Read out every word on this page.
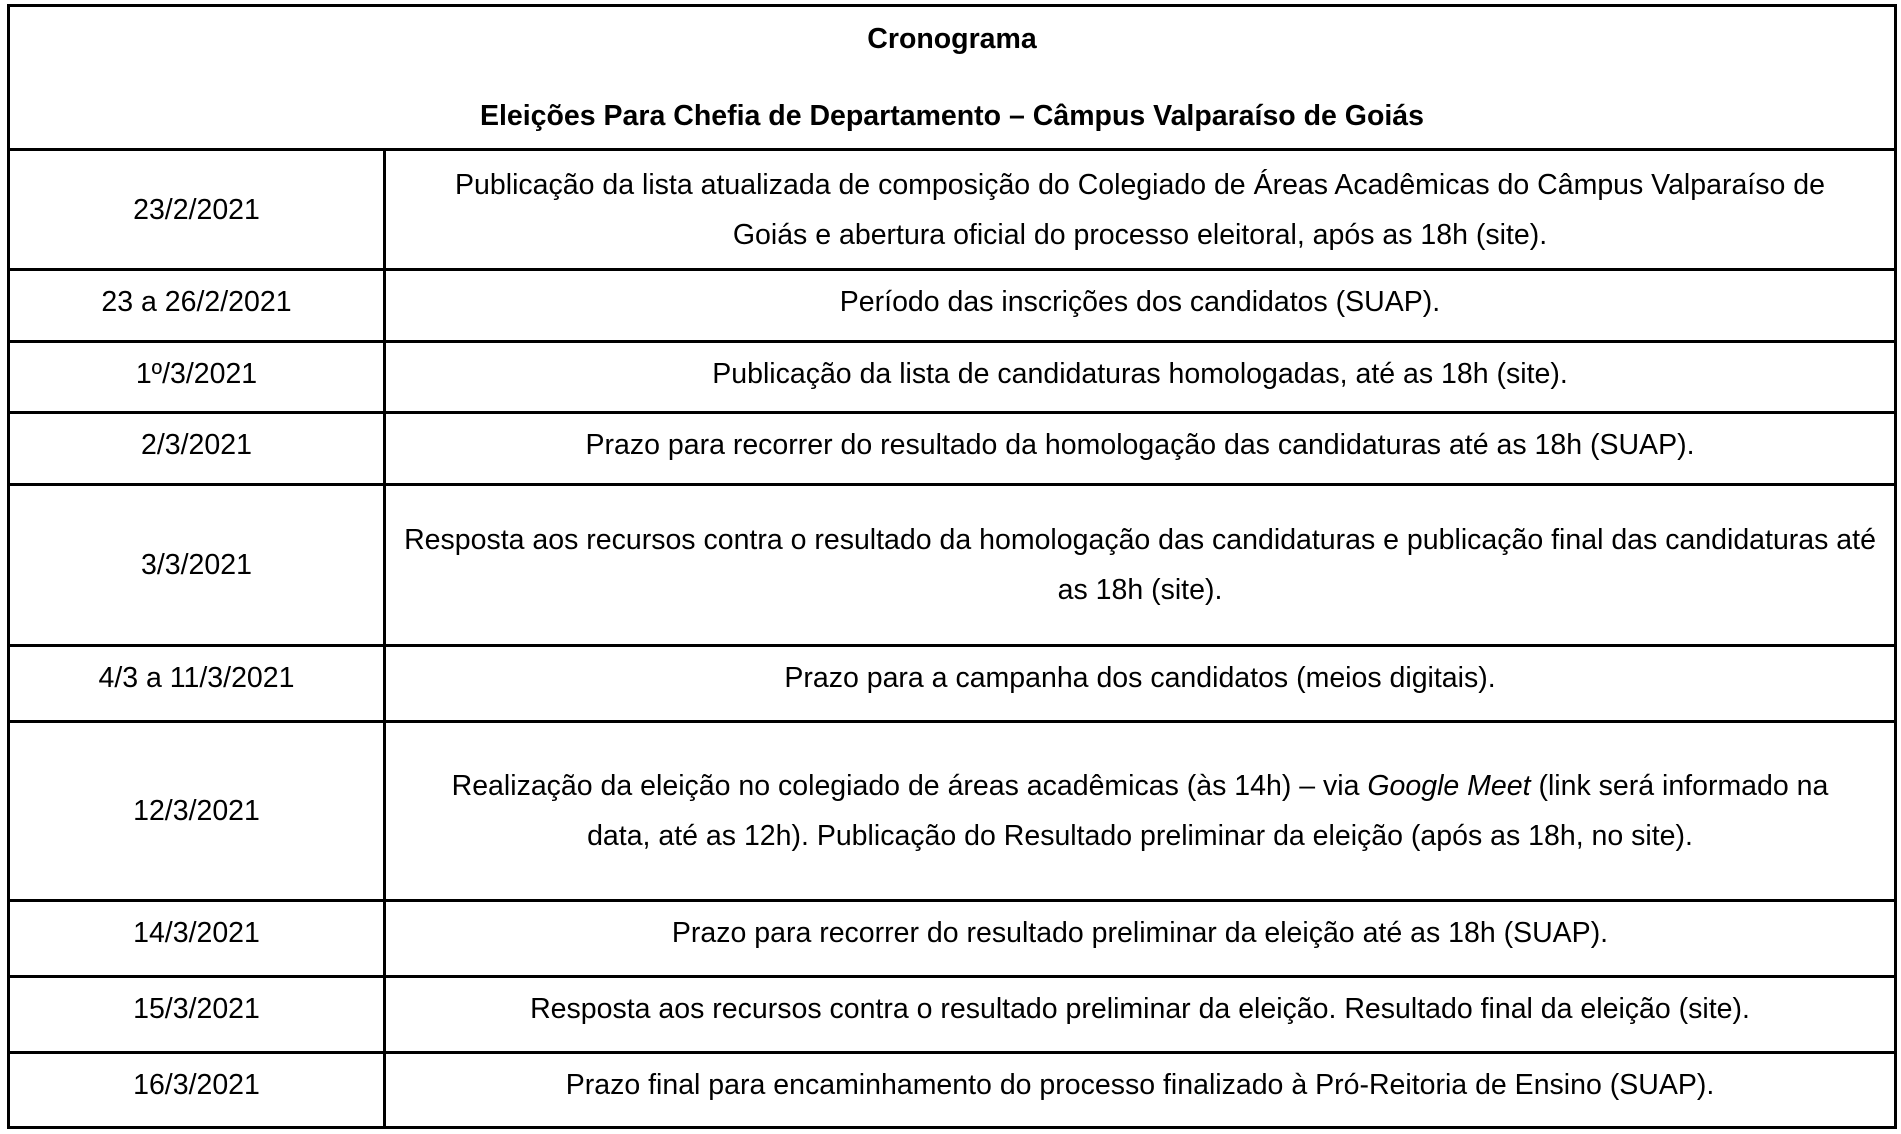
Cronograma
Eleições Para Chefia de Departamento – Câmpus Valparaíso de Goiás	

23/2/2021	Publicação da lista atualizada de composição do Colegiado de Áreas Acadêmicas do Câmpus Valparaíso de Goiás e abertura oficial do processo eleitoral, após as 18h (site).
23 a 26/2/2021	Período das inscrições dos candidatos (SUAP).
1º/3/2021	Publicação da lista de candidaturas homologadas, até as 18h (site).
2/3/2021	Prazo para recorrer do resultado da homologação das candidaturas até as 18h (SUAP).
3/3/2021	Resposta aos recursos contra o resultado da homologação das candidaturas e publicação final das candidaturas até as 18h (site).
4/3 a 11/3/2021	Prazo para a campanha dos candidatos (meios digitais).
12/3/2021	Realização da eleição no colegiado de áreas acadêmicas (às 14h) – via Google Meet (link será informado na data, até as 12h). Publicação do Resultado preliminar da eleição (após as 18h, no site).
14/3/2021	Prazo para recorrer do resultado preliminar da eleição até as 18h (SUAP).
15/3/2021	Resposta aos recursos contra o resultado preliminar da eleição. Resultado final da eleição (site).
16/3/2021	Prazo final para encaminhamento do processo finalizado à Pró-Reitoria de Ensino (SUAP).
